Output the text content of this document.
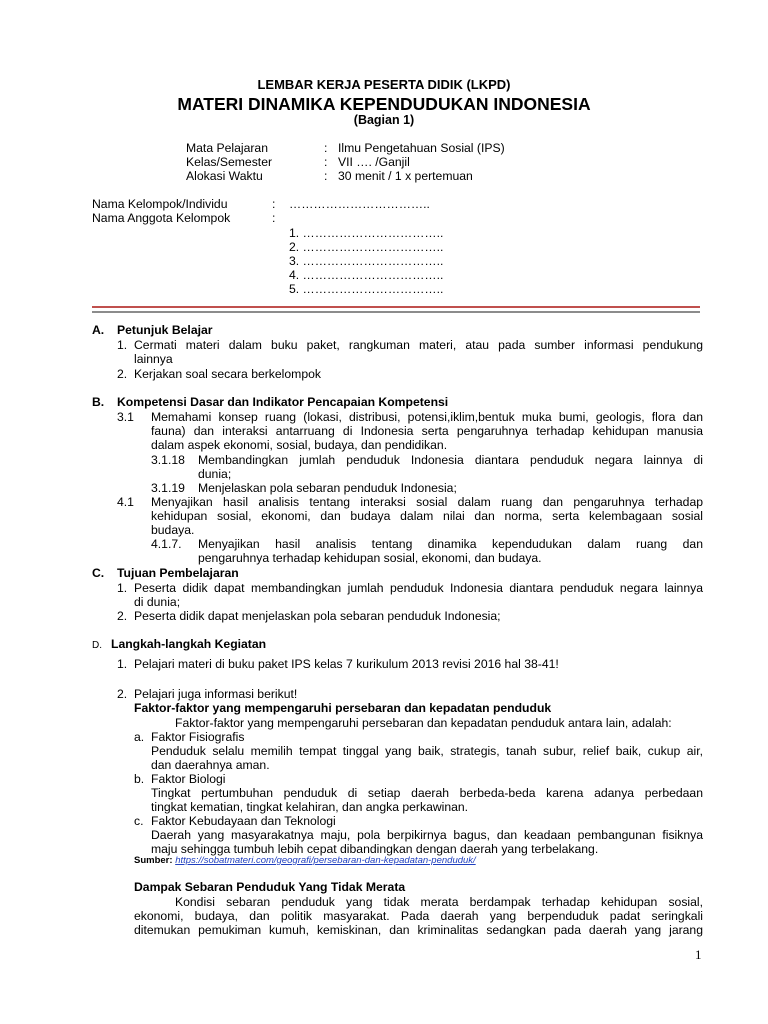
LEMBAR KERJA PESERTA DIDIK (LKPD)
MATERI DINAMIKA KEPENDUDUKAN INDONESIA
(Bagian 1)
Mata Pelajaran
Kelas/Semester
Alokasi Waktu
:
:
:
Ilmu Pengetahuan Sosial (IPS)
VII …. /Ganjil
30 menit / 1 x pertemuan
Nama Kelompok/Individu
Nama Anggota Kelompok
:
:
……………………………..
1. ……………………………..
2. ……………………………..
3. ……………………………..
4. ……………………………..
5. ……………………………..
A. Petunjuk Belajar
1. Cermati materi dalam buku paket, rangkuman materi, atau pada sumber informasi pendukung
lainnya
2. Kerjakan soal secara berkelompok
B. Kompetensi Dasar dan Indikator Pencapaian Kompetensi
3.1 Memahami konsep ruang (lokasi, distribusi, potensi,iklim,bentuk muka bumi, geologis, flora dan
fauna) dan interaksi antarruang di Indonesia serta pengaruhnya terhadap kehidupan manusia
dalam aspek ekonomi, sosial, budaya, dan pendidikan.
3.1.18 Membandingkan jumlah penduduk Indonesia diantara penduduk negara lainnya di
dunia;
3.1.19 Menjelaskan pola sebaran penduduk Indonesia;
4.1 Menyajikan hasil analisis tentang interaksi sosial dalam ruang dan pengaruhnya terhadap
kehidupan sosial, ekonomi, dan budaya dalam nilai dan norma, serta kelembagaan sosial
budaya.
4.1.7. Menyajikan hasil analisis tentang dinamika kependudukan dalam ruang dan
pengaruhnya terhadap kehidupan sosial, ekonomi, dan budaya.
C. Tujuan Pembelajaran
1. Peserta didik dapat membandingkan jumlah penduduk Indonesia diantara penduduk negara lainnya
di dunia;
2. Peserta didik dapat menjelaskan pola sebaran penduduk Indonesia;
D. Langkah-langkah Kegiatan
1. Pelajari materi di buku paket IPS kelas 7 kurikulum 2013 revisi 2016 hal 38-41!
2. Pelajari juga informasi berikut!
Faktor-faktor yang mempengaruhi persebaran dan kepadatan penduduk
Faktor-faktor yang mempengaruhi persebaran dan kepadatan penduduk antara lain, adalah:
a. Faktor Fisiografis
Penduduk selalu memilih tempat tinggal yang baik, strategis, tanah subur, relief baik, cukup air,
dan daerahnya aman.
b. Faktor Biologi
Tingkat pertumbuhan penduduk di setiap daerah berbeda-beda karena adanya perbedaan
tingkat kematian, tingkat kelahiran, dan angka perkawinan.
c. Faktor Kebudayaan dan Teknologi
Daerah yang masyarakatnya maju, pola berpikirnya bagus, dan keadaan pembangunan fisiknya
maju sehingga tumbuh lebih cepat dibandingkan dengan daerah yang terbelakang.
Sumber: https://sobatmateri.com/geografi/persebaran-dan-kepadatan-penduduk/
Dampak Sebaran Penduduk Yang Tidak Merata
Kondisi sebaran penduduk yang tidak merata berdampak terhadap kehidupan sosial,
ekonomi, budaya, dan politik masyarakat. Pada daerah yang berpenduduk padat seringkali
ditemukan pemukiman kumuh, kemiskinan, dan kriminalitas sedangkan pada daerah yang jarang
1
